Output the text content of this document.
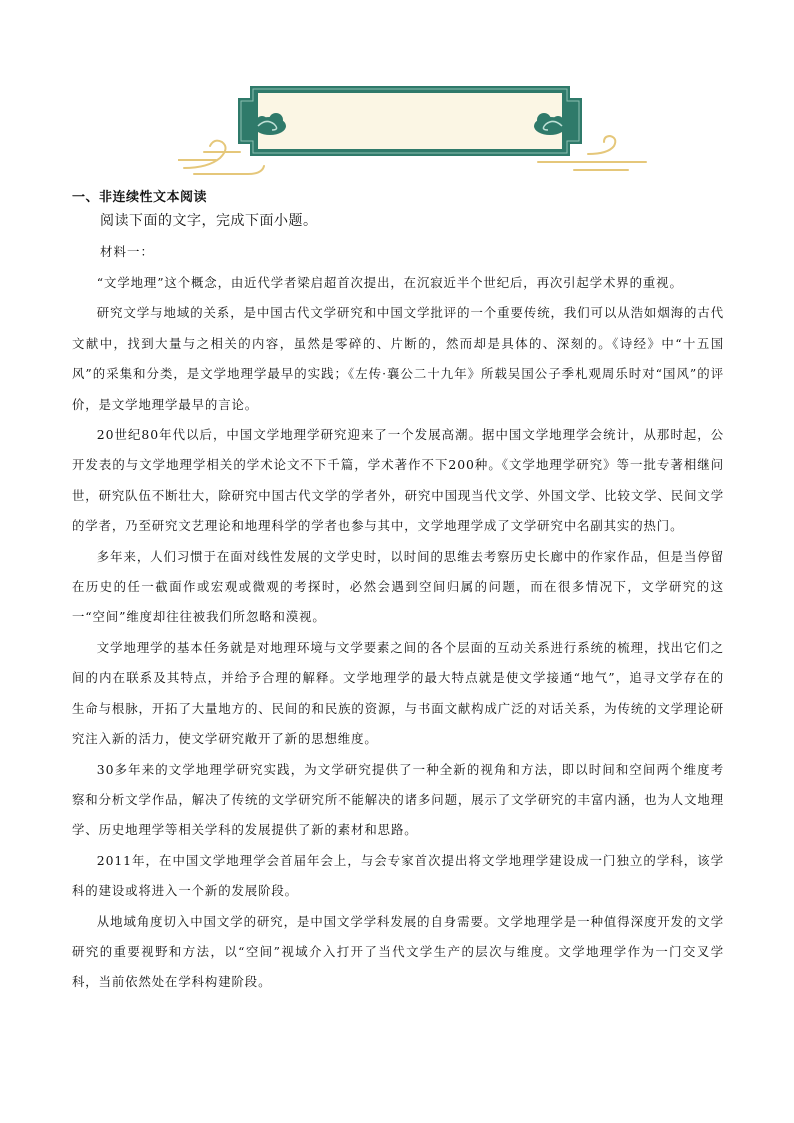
一、非连续性文本阅读
阅读下面的文字，完成下面小题。
材料一：

“文学地理”这个概念，由近代学者梁启超首次提出，在沉寂近半个世纪后，再次引起学术界的重视。

研究文学与地域的关系，是中国古代文学研究和中国文学批评的一个重要传统，我们可以从浩如烟海的古代文献中，找到大量与之相关的内容，虽然是零碎的、片断的，然而却是具体的、深刻的。《诗经》中“十五国风”的采集和分类，是文学地理学最早的实践；《左传·襄公二十九年》所载吴国公子季札观周乐时对“国风”的评价，是文学地理学最早的言论。

20世纪80年代以后，中国文学地理学研究迎来了一个发展高潮。据中国文学地理学会统计，从那时起，公开发表的与文学地理学相关的学术论文不下千篇，学术著作不下200种。《文学地理学研究》等一批专著相继问世，研究队伍不断壮大，除研究中国古代文学的学者外，研究中国现当代文学、外国文学、比较文学、民间文学的学者，乃至研究文艺理论和地理科学的学者也参与其中，文学地理学成了文学研究中名副其实的热门。

多年来，人们习惯于在面对线性发展的文学史时，以时间的思维去考察历史长廊中的作家作品，但是当停留在历史的任一截面作或宏观或微观的考探时，必然会遇到空间归属的问题，而在很多情况下，文学研究的这一“空间”维度却往往被我们所忽略和漠视。

文学地理学的基本任务就是对地理环境与文学要素之间的各个层面的互动关系进行系统的梳理，找出它们之间的内在联系及其特点，并给予合理的解释。文学地理学的最大特点就是使文学接通“地气”，追寻文学存在的生命与根脉，开拓了大量地方的、民间的和民族的资源，与书面文献构成广泛的对话关系，为传统的文学理论研究注入新的活力，使文学研究敞开了新的思想维度。

30多年来的文学地理学研究实践，为文学研究提供了一种全新的视角和方法，即以时间和空间两个维度考察和分析文学作品，解决了传统的文学研究所不能解决的诸多问题，展示了文学研究的丰富内涵，也为人文地理学、历史地理学等相关学科的发展提供了新的素材和思路。

2011年，在中国文学地理学会首届年会上，与会专家首次提出将文学地理学建设成一门独立的学科，该学科的建设或将进入一个新的发展阶段。

从地域角度切入中国文学的研究，是中国文学学科发展的自身需要。文学地理学是一种值得深度开发的文学研究的重要视野和方法，以“空间”视域介入打开了当代文学生产的层次与维度。文学地理学作为一门交叉学科，当前依然处在学科构建阶段。
